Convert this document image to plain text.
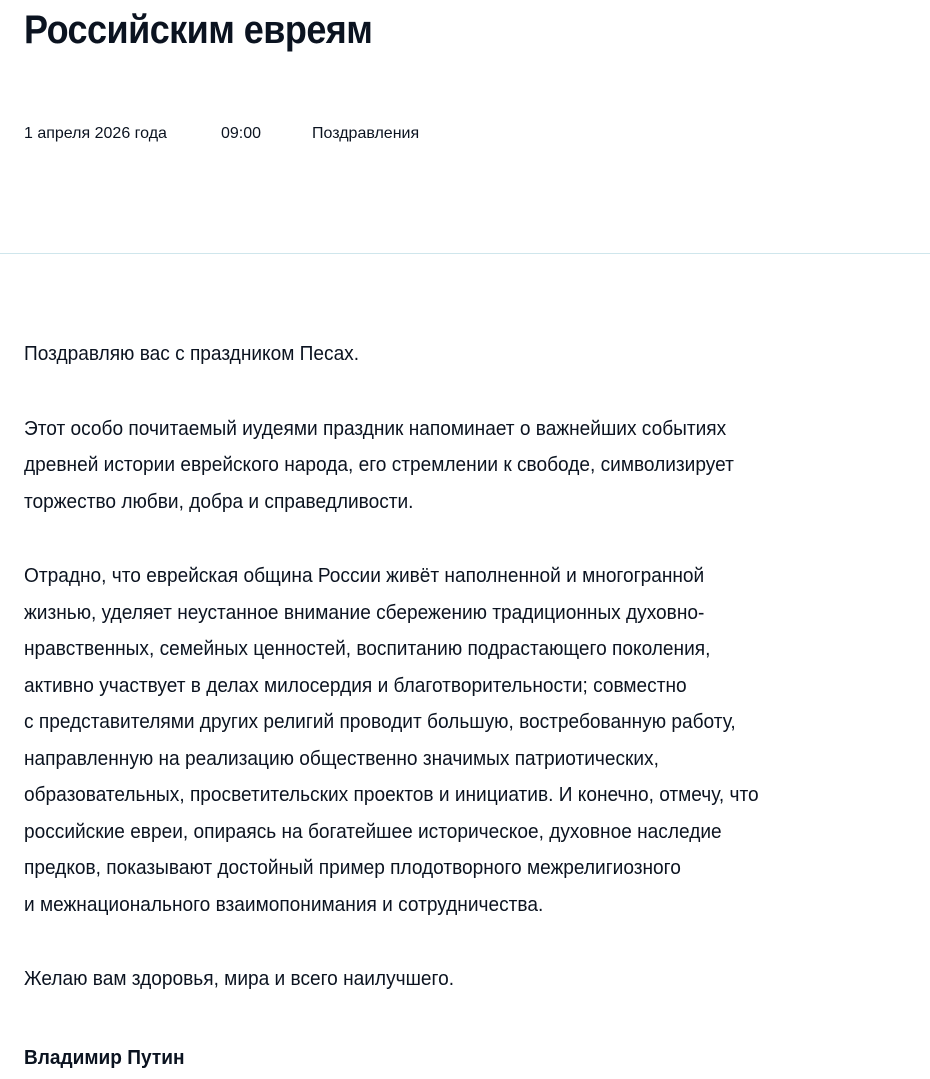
Российским евреям
1 апреля 2026 года	09:00	Поздравления

Поздравляю вас с праздником Песах.

Этот особо почитаемый иудеями праздник напоминает о важнейших событиях
древней истории еврейского народа, его стремлении к свободе, символизирует
торжество любви, добра и справедливости.

Отрадно, что еврейская община России живёт наполненной и многогранной
жизнью, уделяет неустанное внимание сбережению традиционных духовно-
нравственных, семейных ценностей, воспитанию подрастающего поколения,
активно участвует в делах милосердия и благотворительности; совместно
с представителями других религий проводит большую, востребованную работу,
направленную на реализацию общественно значимых патриотических,
образовательных, просветительских проектов и инициатив. И конечно, отмечу, что
российские евреи, опираясь на богатейшее историческое, духовное наследие
предков, показывают достойный пример плодотворного межрелигиозного
и межнационального взаимопонимания и сотрудничества.

Желаю вам здоровья, мира и всего наилучшего.

Владимир Путин
